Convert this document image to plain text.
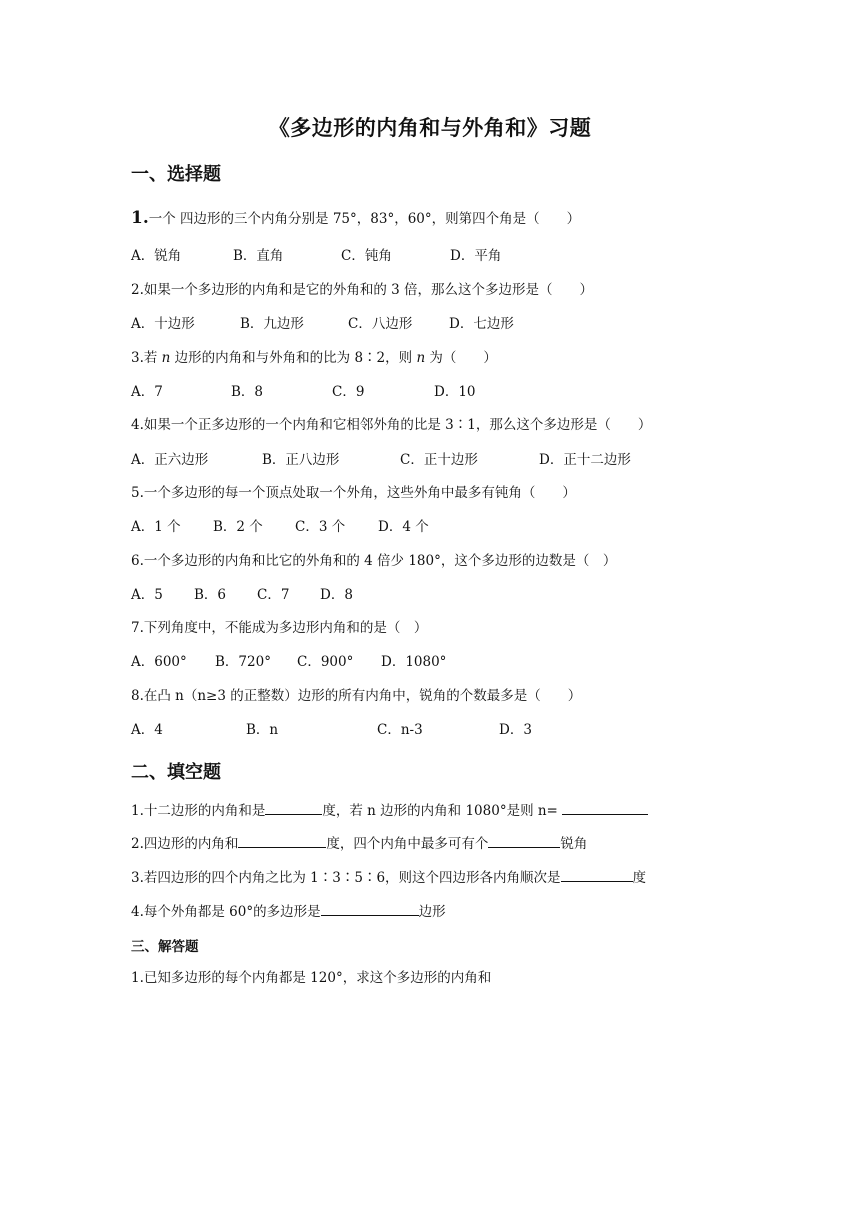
《多边形的内角和与外角和》习题
一、选择题
1.一个 四边形的三个内角分别是 75°，83°，60°，则第四个角是（　　）
A．锐角	B．直角	C．钝角	D．平角
2.如果一个多边形的内角和是它的外角和的 3 倍，那么这个多边形是（　　）
A．十边形	B．九边形	C．八边形	D．七边形
3.若 n 边形的内角和与外角和的比为 8∶2，则 n 为（　　）
A．7	B．8	C．9	D．10
4.如果一个正多边形的一个内角和它相邻外角的比是 3∶1，那么这个多边形是（　　）
A．正六边形	B．正八边形	C．正十边形	D．正十二边形
5.一个多边形的每一个顶点处取一个外角，这些外角中最多有钝角（　　）
A．1 个 B．2 个 C．3 个 D．4 个
6.一个多边形的内角和比它的外角和的 4 倍少 180°，这个多边形的边数是（　）
A．5 B．6 C．7 D．8
7.下列角度中，不能成为多边形内角和的是（　）
A．600° B．720° C．900° D．1080°
8.在凸 n（n≥3 的正整数）边形的所有内角中，锐角的个数最多是（　　）
A．4	B．n	C．n-3	D．3
二、填空题
1.十二边形的内角和是	度，若 n 边形的内角和 1080°是则 n=
2.四边形的内角和	度，四个内角中最多可有个	锐角
3.若四边形的四个内角之比为 1∶3∶5∶6，则这个四边形各内角顺次是	度
4.每个外角都是 60°的多边形是	边形
三、解答题
1.已知多边形的每个内角都是 120°，求这个多边形的内角和
